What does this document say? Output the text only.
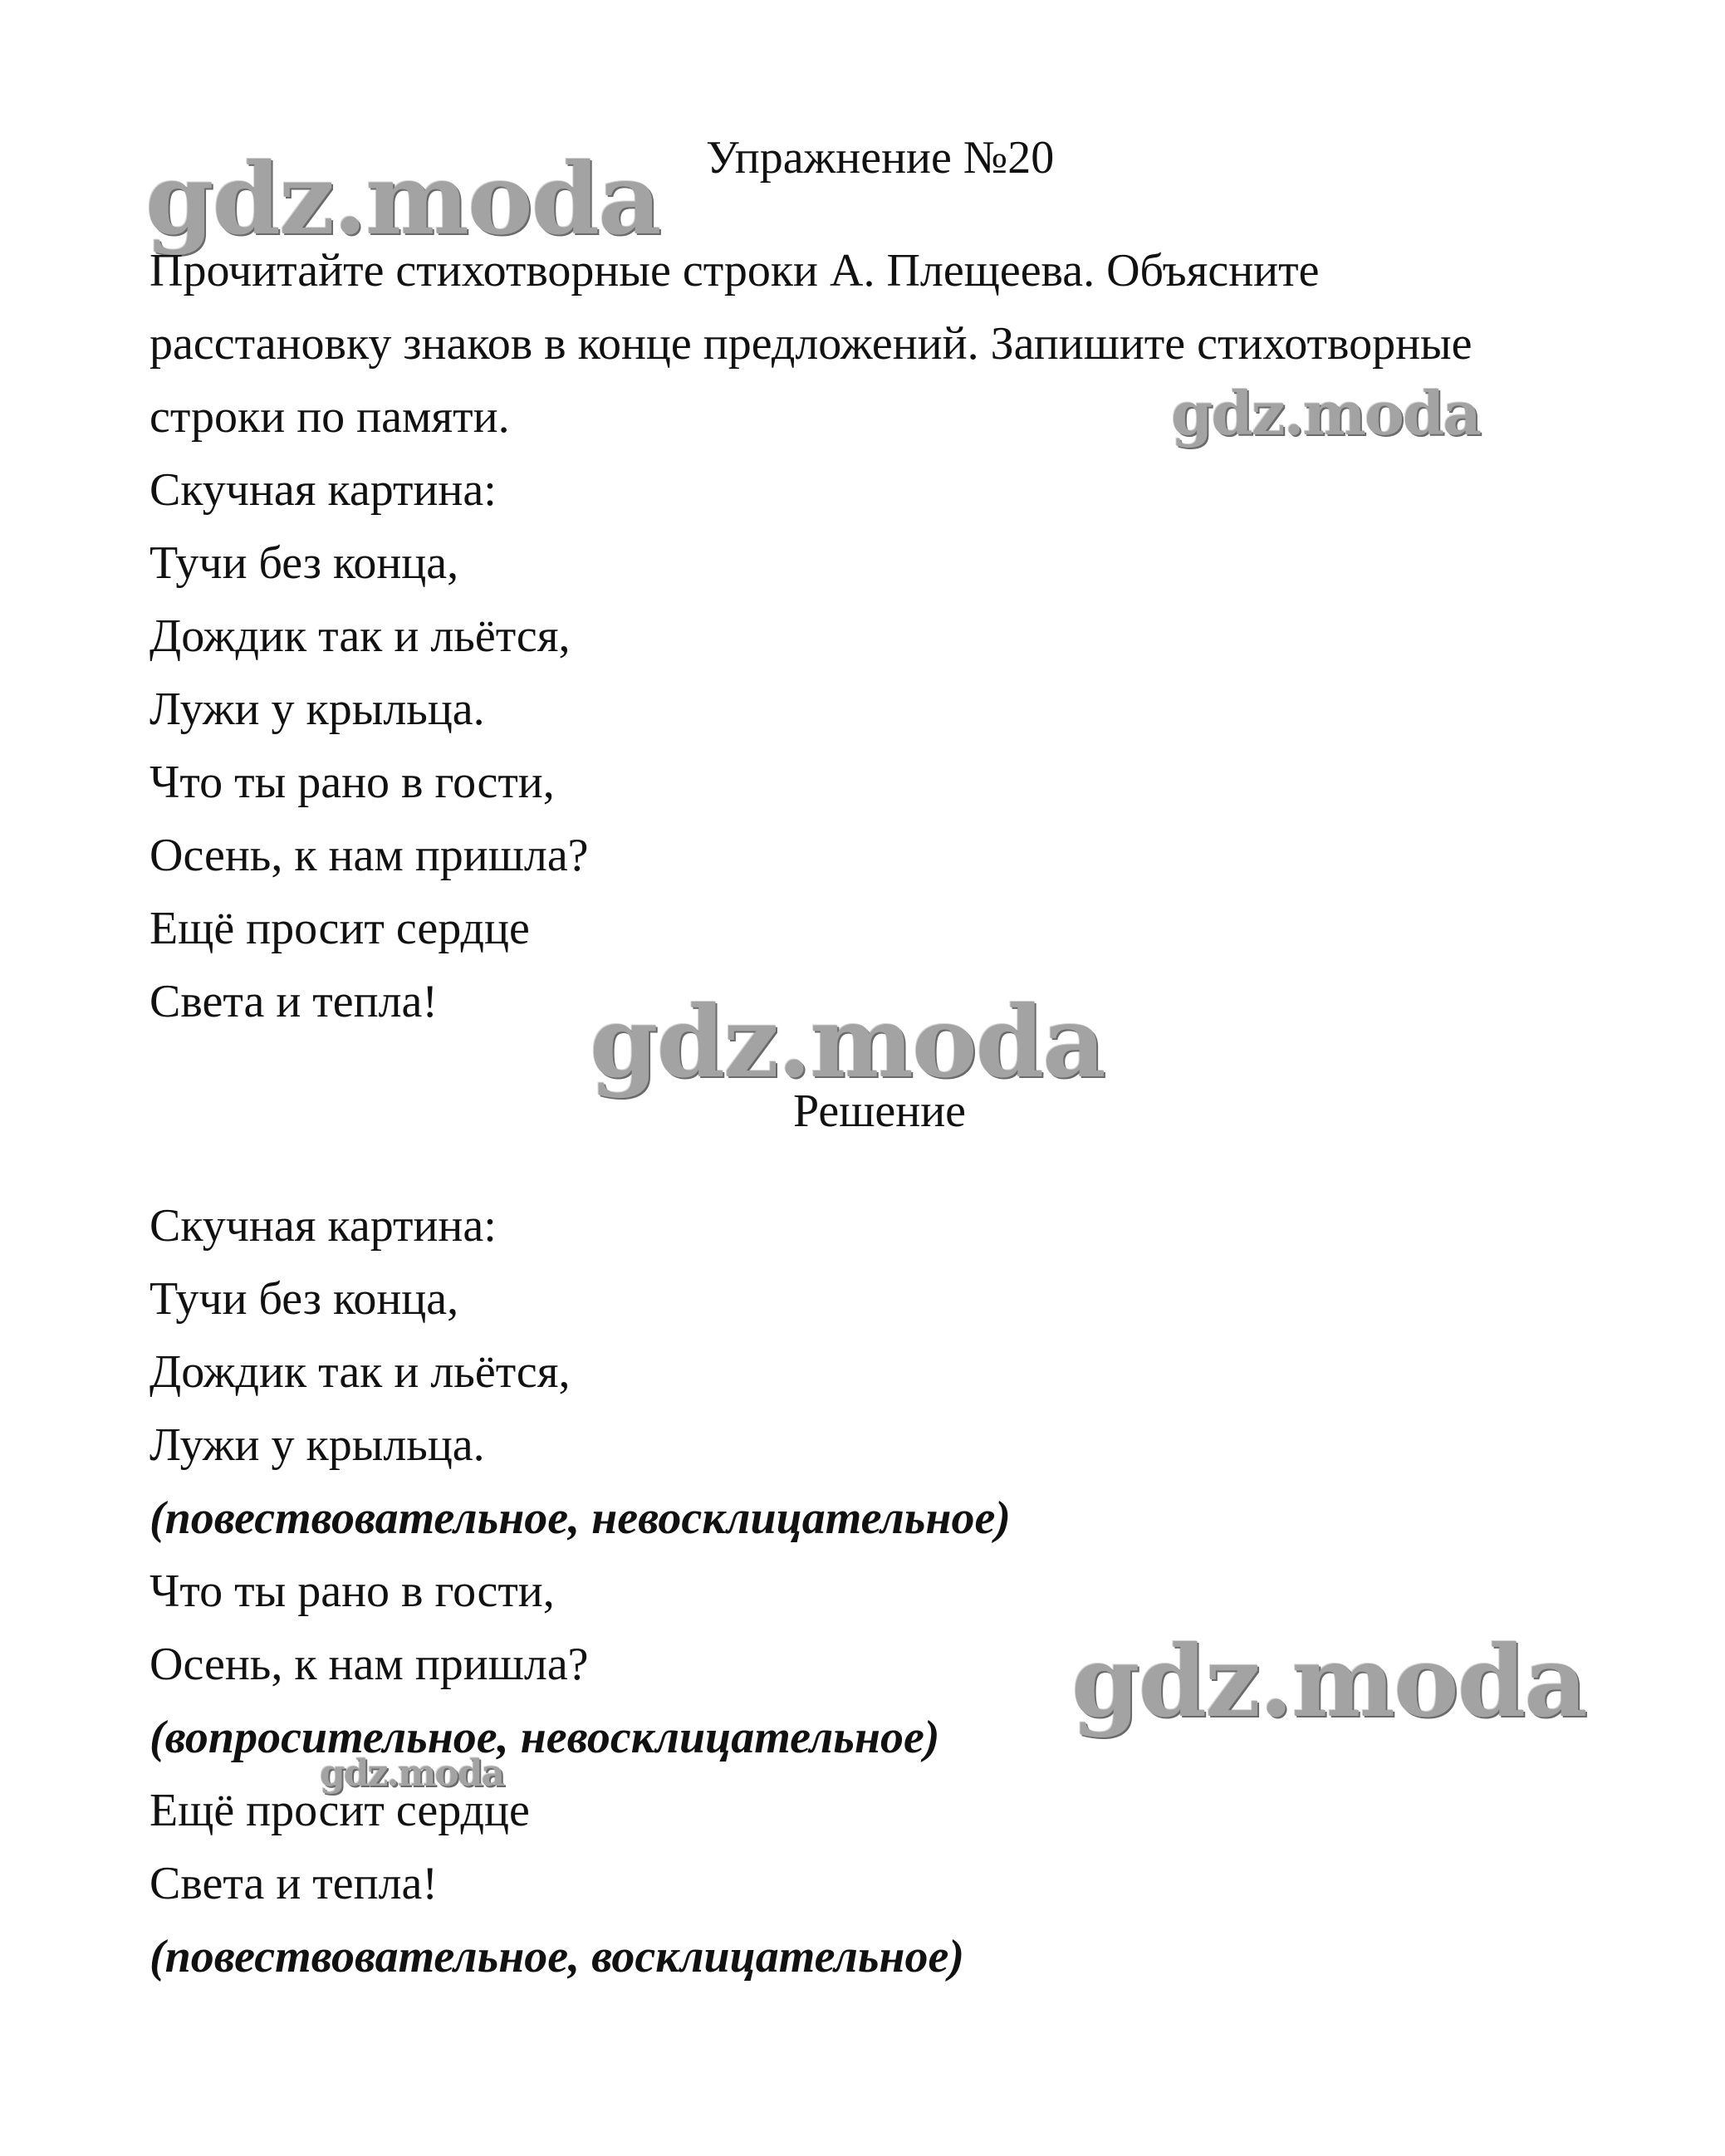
gdz.moda
gdz.moda
gdz.moda
gdz.moda
gdz.moda
Упражнение №20
Прочитайте стихотворные строки А. Плещеева. Объясните
расстановку знаков в конце предложений. Запишите стихотворные
строки по памяти.
Скучная картина:
Тучи без конца,
Дождик так и льётся,
Лужи у крыльца.
Что ты рано в гости,
Осень, к нам пришла?
Ещё просит сердце
Света и тепла!
Решение
Скучная картина:
Тучи без конца,
Дождик так и льётся,
Лужи у крыльца.
(повествовательное, невосклицательное)
Что ты рано в гости,
Осень, к нам пришла?
(вопросительное, невосклицательное)
Ещё просит сердце
Света и тепла!
(повествовательное, восклицательное)
